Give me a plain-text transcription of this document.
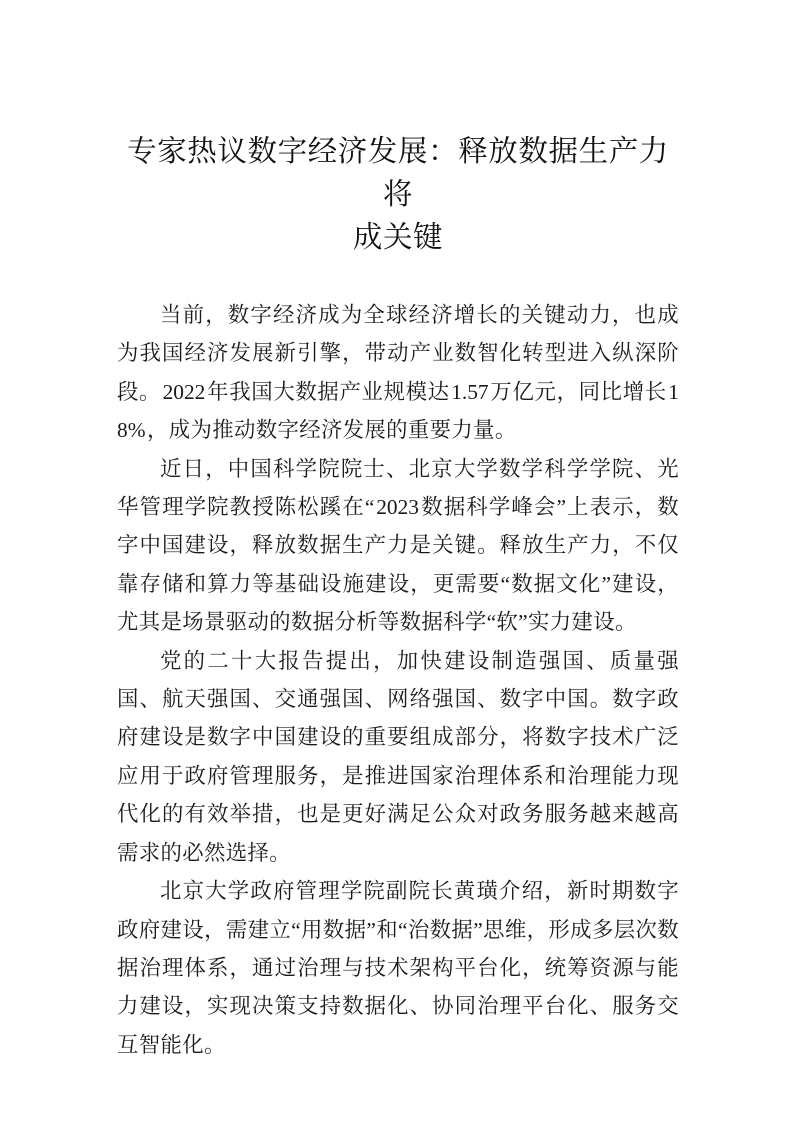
专家热议数字经济发展：释放数据生产力将
成关键

当前，数字经济成为全球经济增长的关键动力，也成为我国经济发展新引擎，带动产业数智化转型进入纵深阶段。2022年我国大数据产业规模达1.57万亿元，同比增长18%，成为推动数字经济发展的重要力量。

近日，中国科学院院士、北京大学数学科学学院、光华管理学院教授陈松蹊在“2023数据科学峰会”上表示，数字中国建设，释放数据生产力是关键。释放生产力，不仅靠存储和算力等基础设施建设，更需要“数据文化”建设，尤其是场景驱动的数据分析等数据科学“软”实力建设。

党的二十大报告提出，加快建设制造强国、质量强国、航天强国、交通强国、网络强国、数字中国。数字政府建设是数字中国建设的重要组成部分，将数字技术广泛应用于政府管理服务，是推进国家治理体系和治理能力现代化的有效举措，也是更好满足公众对政务服务越来越高需求的必然选择。

北京大学政府管理学院副院长黄璜介绍，新时期数字政府建设，需建立“用数据”和“治数据”思维，形成多层次数据治理体系，通过治理与技术架构平台化，统筹资源与能力建设，实现决策支持数据化、协同治理平台化、服务交互智能化。
